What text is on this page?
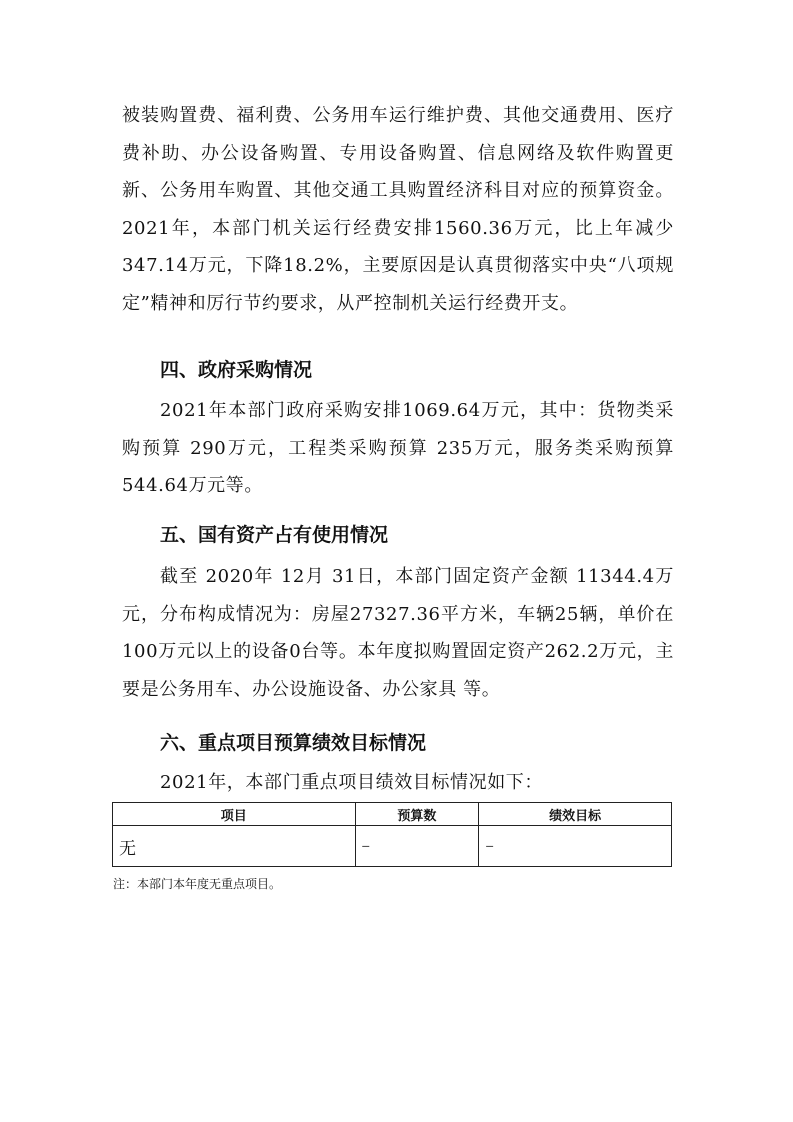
被装购置费、福利费、公务用车运行维护费、其他交通费用、医疗费补助、办公设备购置、专用设备购置、信息网络及软件购置更新、公务用车购置、其他交通工具购置经济科目对应的预算资金。2021年，本部门机关运行经费安排1560.36万元，比上年减少347.14万元，下降18.2%，主要原因是认真贯彻落实中央“八项规定”精神和厉行节约要求，从严控制机关运行经费开支。
四、政府采购情况
2021年本部门政府采购安排1069.64万元，其中：货物类采购预算 290万元，工程类采购预算 235万元，服务类采购预算544.64万元等。
五、国有资产占有使用情况
截至 2020年 12月 31日，本部门固定资产金额 11344.4万元，分布构成情况为：房屋27327.36平方米，车辆25辆，单价在100万元以上的设备0台等。本年度拟购置固定资产262.2万元，主要是公务用车、办公设施设备、办公家具 等。
六、重点项目预算绩效目标情况
2021年，本部门重点项目绩效目标情况如下：
项目	预算数	绩效目标
无	–	–
注：本部门本年度无重点项目。
